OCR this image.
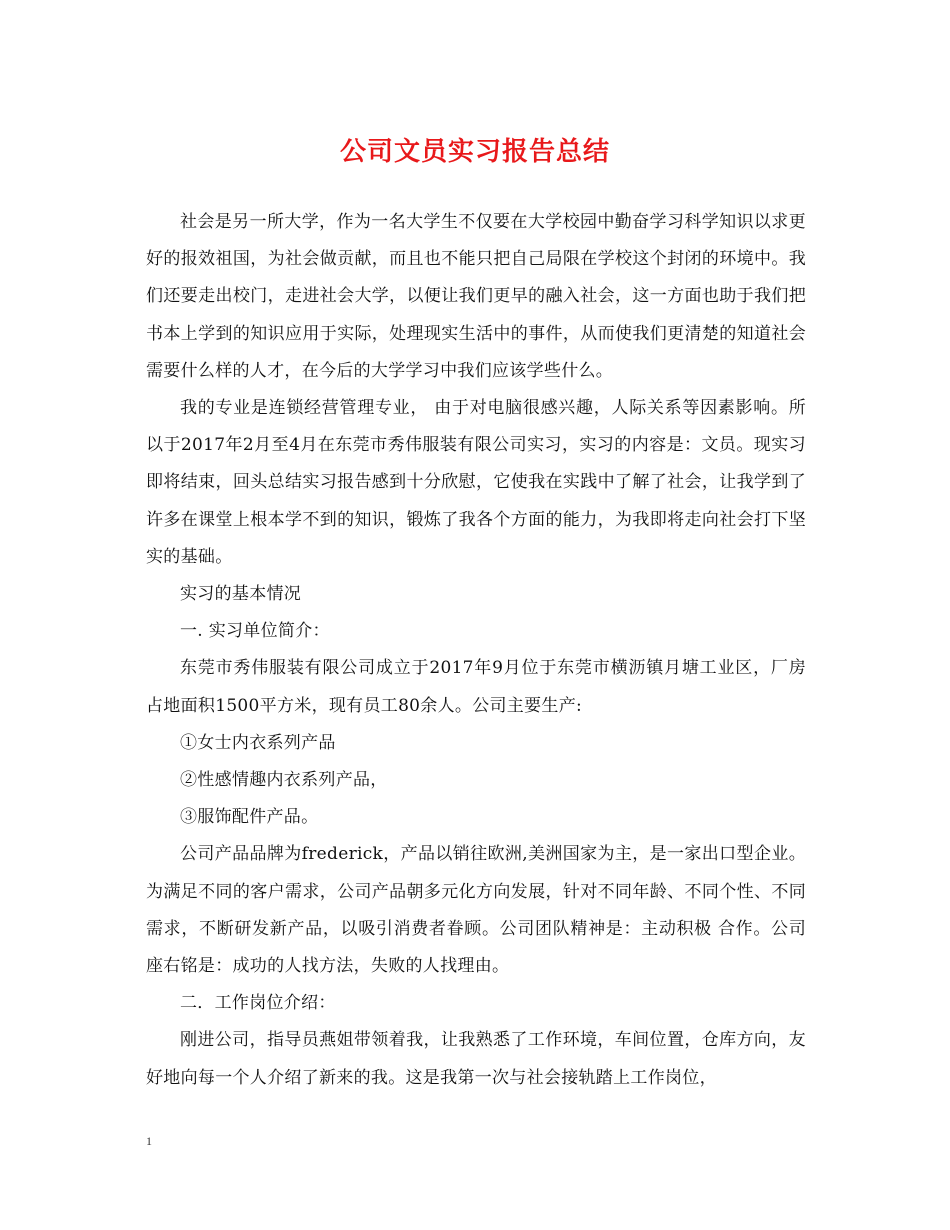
公司文员实习报告总结

社会是另一所大学，作为一名大学生不仅要在大学校园中勤奋学习科学知识以求更好的报效祖国，为社会做贡献，而且也不能只把自己局限在学校这个封闭的环境中。我们还要走出校门，走进社会大学，以便让我们更早的融入社会，这一方面也助于我们把书本上学到的知识应用于实际，处理现实生活中的事件，从而使我们更清楚的知道社会需要什么样的人才，在今后的大学学习中我们应该学些什么。

我的专业是连锁经营管理专业， 由于对电脑很感兴趣，人际关系等因素影响。所以于2017年2月至4月在东莞市秀伟服装有限公司实习，实习的内容是：文员。现实习即将结束，回头总结实习报告感到十分欣慰，它使我在实践中了解了社会，让我学到了许多在课堂上根本学不到的知识，锻炼了我各个方面的能力，为我即将走向社会打下坚实的基础。

实习的基本情况

一. 实习单位简介：

东莞市秀伟服装有限公司成立于2017年9月位于东莞市横沥镇月塘工业区，厂房占地面积1500平方米，现有员工80余人。公司主要生产:

①女士内衣系列产品

②性感情趣内衣系列产品，

③服饰配件产品。

公司产品品牌为frederick，产品以销往欧洲,美洲国家为主，是一家出口型企业。为满足不同的客户需求，公司产品朝多元化方向发展，针对不同年龄、不同个性、不同需求，不断研发新产品，以吸引消费者眷顾。公司团队精神是：主动积极 合作。公司座右铭是：成功的人找方法，失败的人找理由。

二．工作岗位介绍：

刚进公司，指导员燕姐带领着我，让我熟悉了工作环境，车间位置，仓库方向，友好地向每一个人介绍了新来的我。这是我第一次与社会接轨踏上工作岗位，

1
